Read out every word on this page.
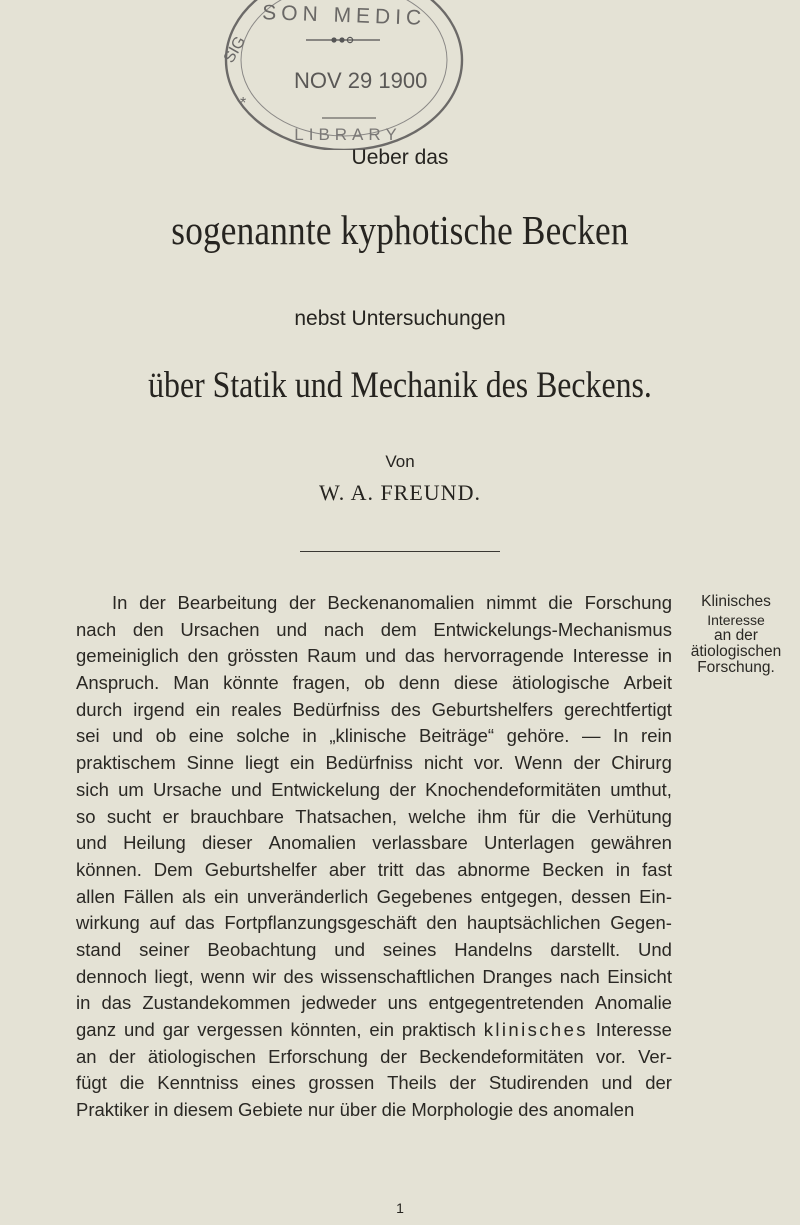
SON MEDIC
SIG
NOV 29 1900
*
LIBRARY
Ueber das
sogenannte kyphotische Becken
nebst Untersuchungen
über Statik und Mechanik des Beckens.
Von
W. A. FREUND.
In der Bearbeitung der Beckenanomalien nimmt die Forschung
nach den Ursachen und nach dem Entwickelungs-Mechanismus
gemeiniglich den grössten Raum und das hervorragende Interesse in
Anspruch. Man könnte fragen, ob denn diese ätiologische Arbeit
durch irgend ein reales Bedürfniss des Geburtshelfers gerechtfertigt
sei und ob eine solche in „klinische Beiträge“ gehöre. — In rein
praktischem Sinne liegt ein Bedürfniss nicht vor. Wenn der Chirurg
sich um Ursache und Entwickelung der Knochendeformitäten umthut,
so sucht er brauchbare Thatsachen, welche ihm für die Verhütung
und Heilung dieser Anomalien verlassbare Unterlagen gewähren
können. Dem Geburtshelfer aber tritt das abnorme Becken in fast
allen Fällen als ein unveränderlich Gegebenes entgegen, dessen Ein-
wirkung auf das Fortpflanzungsgeschäft den hauptsächlichen Gegen-
stand seiner Beobachtung und seines Handelns darstellt. Und
dennoch liegt, wenn wir des wissenschaftlichen Dranges nach Einsicht
in das Zustandekommen jedweder uns entgegentretenden Anomalie
ganz und gar vergessen könnten, ein praktisch klinisches Interesse
an der ätiologischen Erforschung der Beckendeformitäten vor. Ver-
fügt die Kenntniss eines grossen Theils der Studirenden und der
Praktiker in diesem Gebiete nur über die Morphologie des anomalen
Klinisches
Interesse
an der
ätiologischen
Forschung.
1
